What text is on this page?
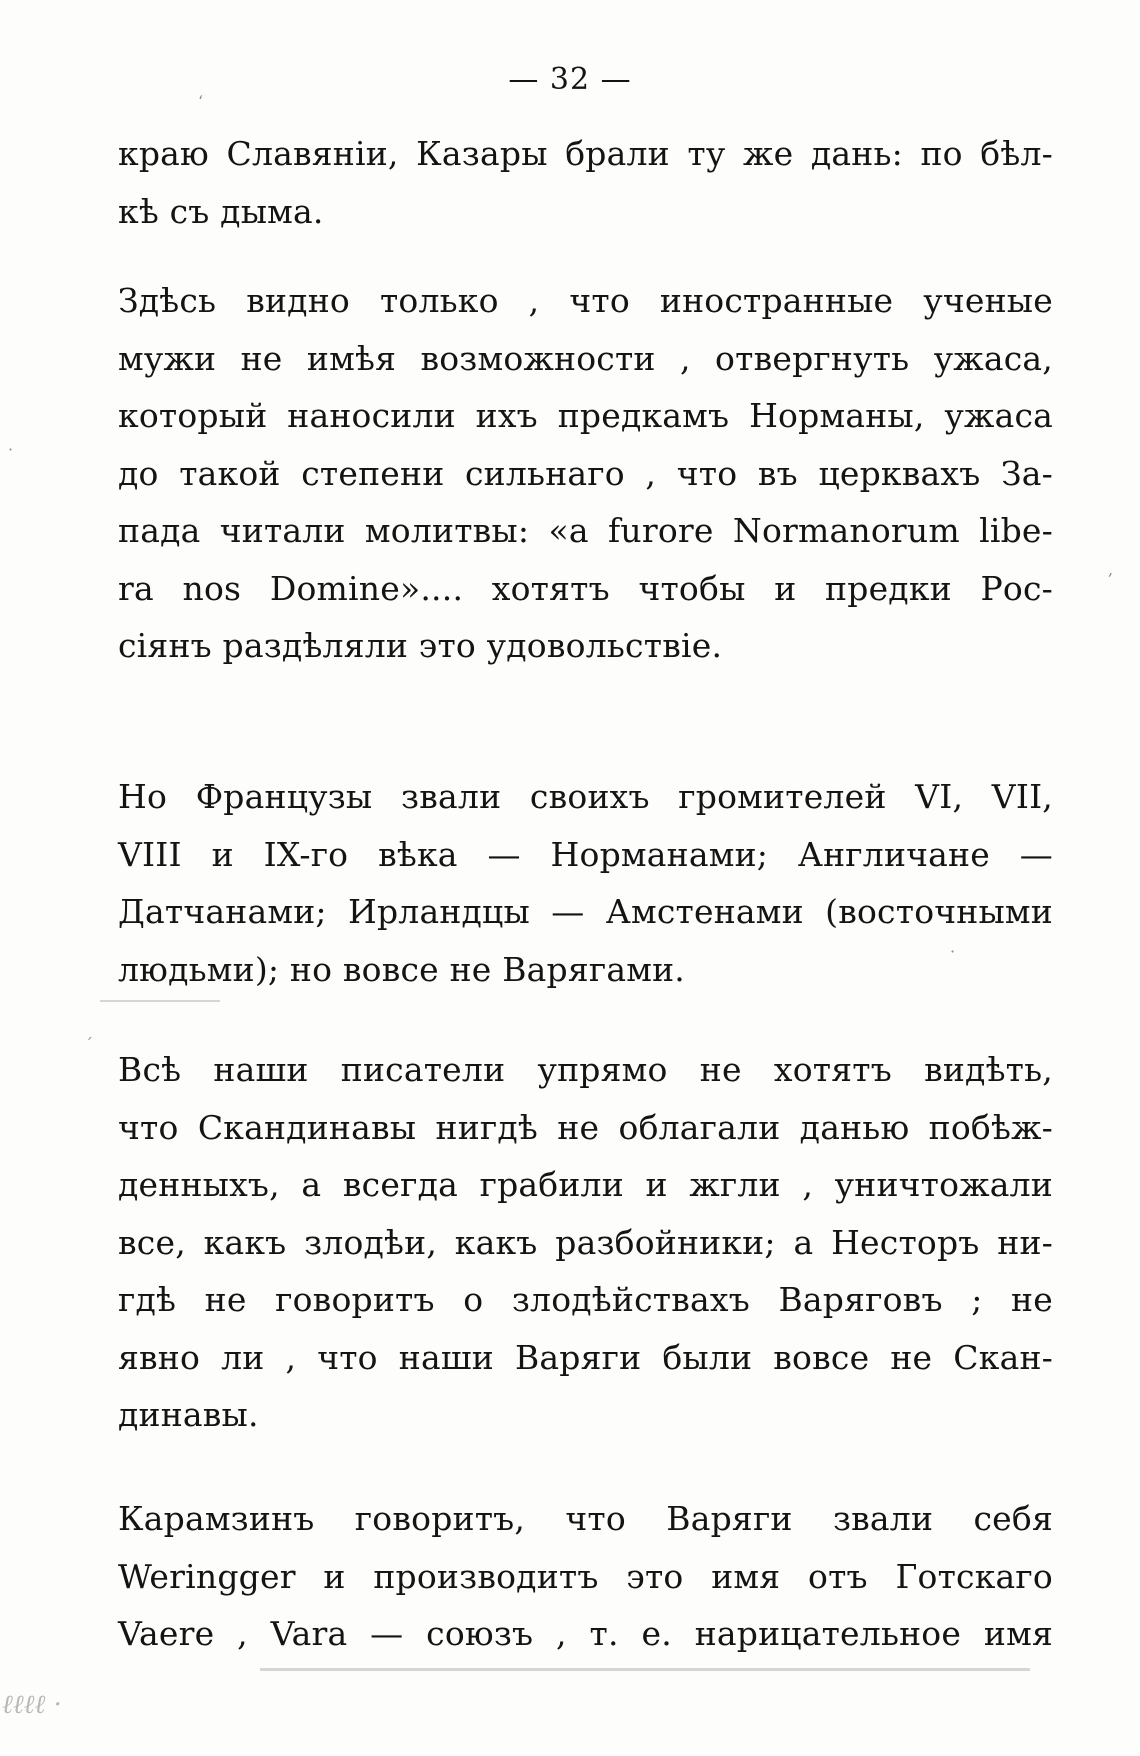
— 32 —
краю Славянiи, Казары брали ту же дань: по бѣл-
кѣ съ дыма.
Здѣсь видно только , что иностранные ученые
мужи не имѣя возможности , отвергнуть ужаса,
который наносили ихъ предкамъ Норманы, ужаса
до такой степени сильнаго , что въ церквахъ За-
пада читали молитвы: «a furore Normanorum libe-
ra nos Domine».... хотятъ чтобы и предки Рос-
сiянъ раздѣляли это удовольствiе.
Но Французы звали своихъ громителей VI, VII,
VIII и IX-го вѣка — Норманами; Англичане —
Датчанами; Ирландцы — Амстенами (восточными
людьми); но вовсе не Варягами.
Всѣ наши писатели упрямо не хотятъ видѣть,
что Скандинавы нигдѣ не облагали данью побѣж-
денныхъ, а всегда грабили и жгли , уничтожали
все, какъ злодѣи, какъ разбойники; а Несторъ ни-
гдѣ не говоритъ о злодѣйствахъ Варяговъ ; не
явно ли , что наши Варяги были вовсе не Скан-
динавы.
Карамзинъ говоритъ, что Варяги звали себя
Weringger и производитъ это имя отъ Готскаго
Vaere , Vara — союзъ , т. е. нарицательное имя
ʻ
·
,
·
ˊ
ℓℓℓℓ ·
